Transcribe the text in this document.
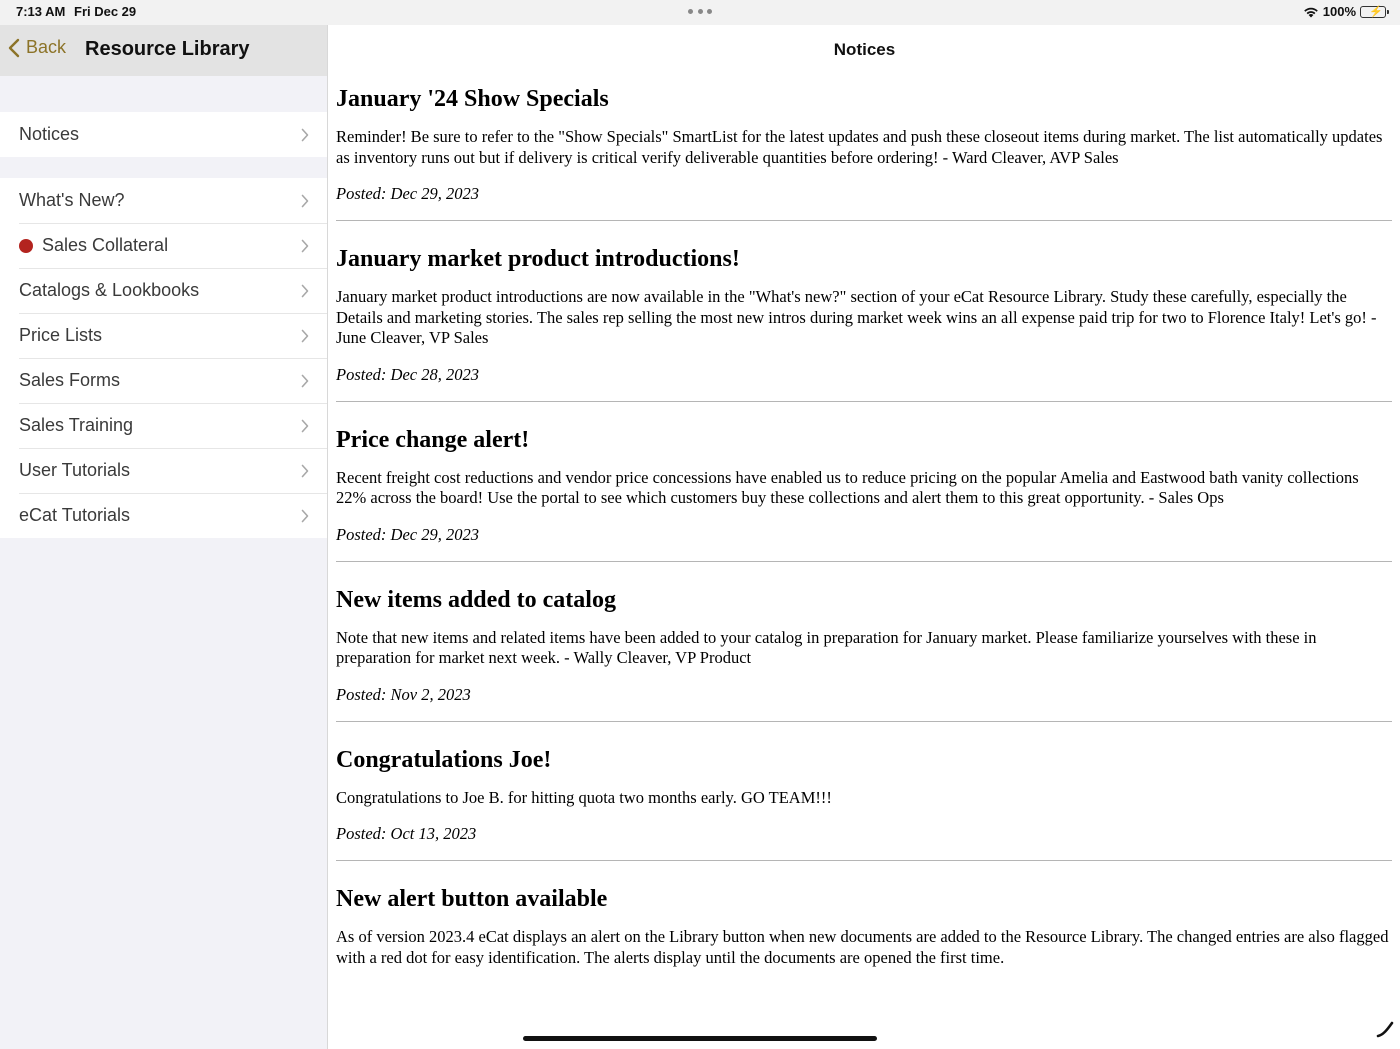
7:13 AM Fri Dec 29	100% ⚡
Back Resource Library
Notices
What's New?
Sales Collateral
Catalogs & Lookbooks
Price Lists
Sales Forms
Sales Training
User Tutorials
eCat Tutorials
Notices
January '24 Show Specials

Reminder! Be sure to refer to the "Show Specials" SmartList for the latest updates and push these closeout items during market. The list automatically updates as inventory runs out but if delivery is critical verify deliverable quantities before ordering! - Ward Cleaver, AVP Sales

Posted: Dec 29, 2023

January market product introductions!

January market product introductions are now available in the "What's new?" section of your eCat Resource Library. Study these carefully, especially the Details and marketing stories. The sales rep selling the most new intros during market week wins an all expense paid trip for two to Florence Italy! Let's go! - June Cleaver, VP Sales

Posted: Dec 28, 2023

Price change alert!

Recent freight cost reductions and vendor price concessions have enabled us to reduce pricing on the popular Amelia and Eastwood bath vanity collections 22% across the board! Use the portal to see which customers buy these collections and alert them to this great opportunity. - Sales Ops

Posted: Dec 29, 2023

New items added to catalog

Note that new items and related items have been added to your catalog in preparation for January market. Please familiarize yourselves with these in preparation for market next week. - Wally Cleaver, VP Product

Posted: Nov 2, 2023

Congratulations Joe!

Congratulations to Joe B. for hitting quota two months early. GO TEAM!!!

Posted: Oct 13, 2023

New alert button available

As of version 2023.4 eCat displays an alert on the Library button when new documents are added to the Resource Library. The changed entries are also flagged with a red dot for easy identification. The alerts display until the documents are opened the first time.
